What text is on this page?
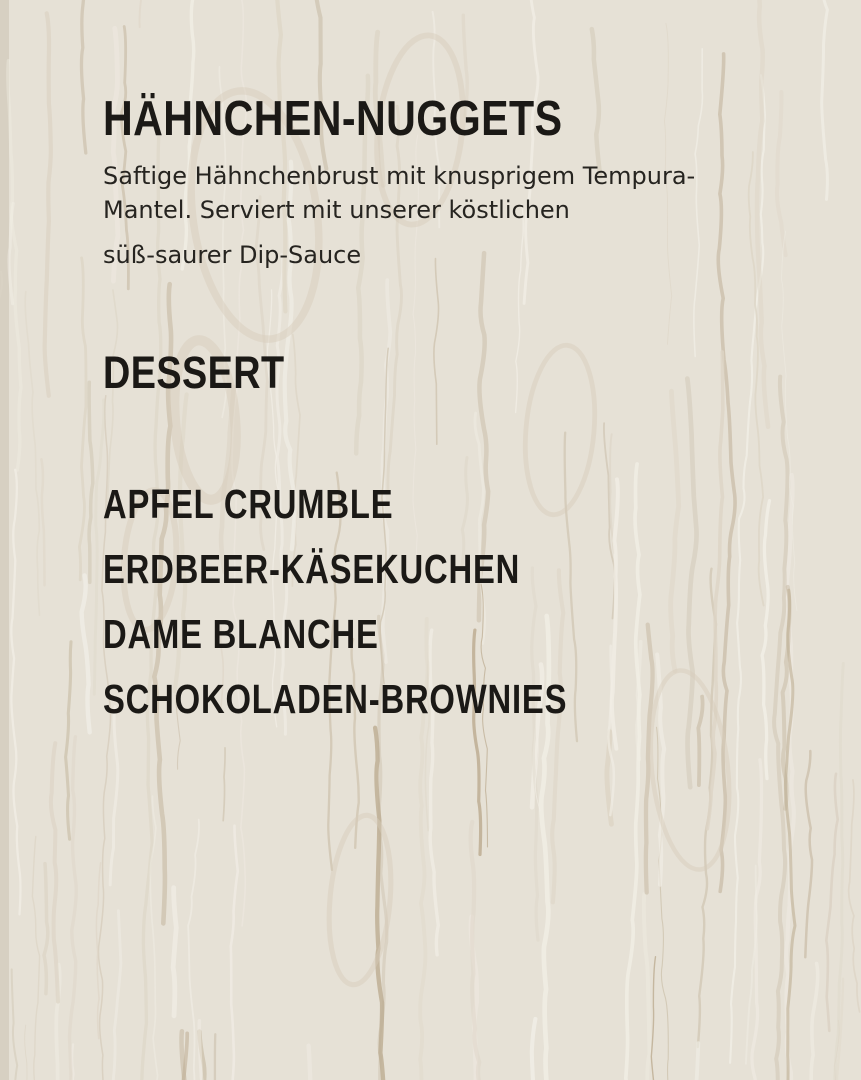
HÄHNCHEN-NUGGETS
Saftige Hähnchenbrust mit knusprigem Tempura-
Mantel. Serviert mit unserer köstlichen
süß-saurer Dip-Sauce
DESSERT
APFEL CRUMBLE
ERDBEER-KÄSEKUCHEN
DAME BLANCHE
SCHOKOLADEN-BROWNIES
